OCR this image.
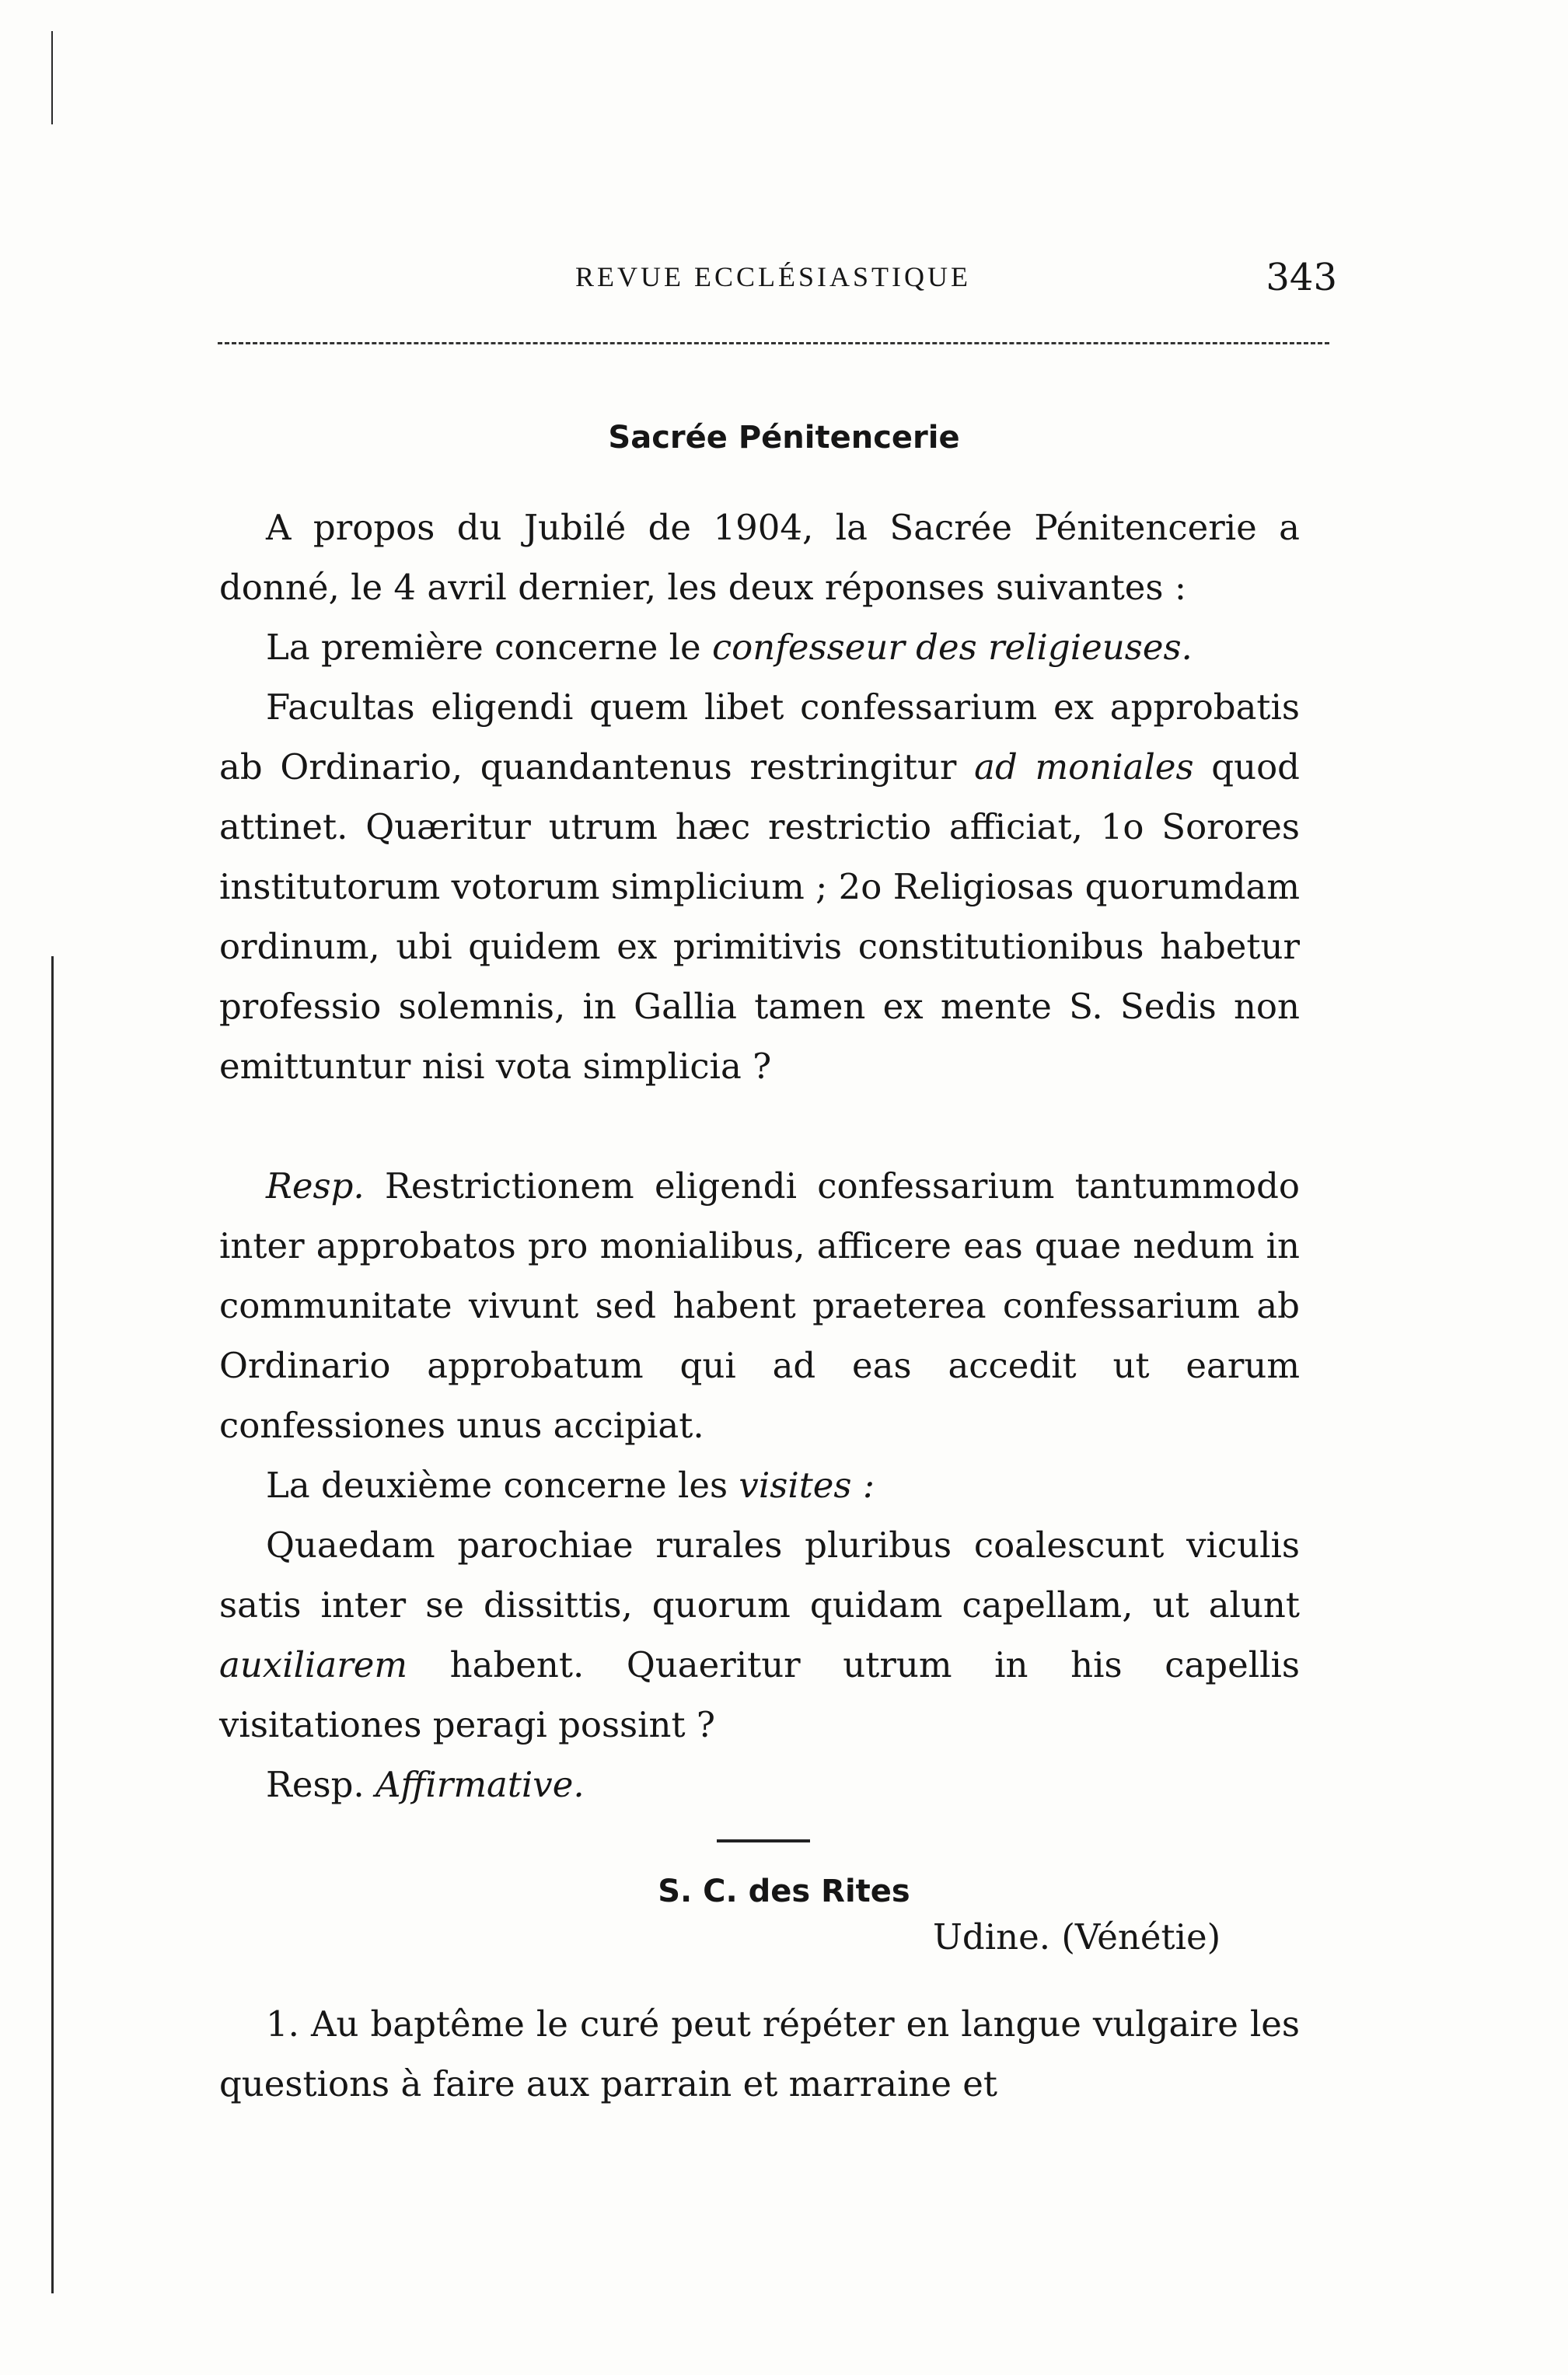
REVUE ECCLÉSIASTIQUE	343
Sacrée Pénitencerie

A propos du Jubilé de 1904, la Sacrée Pénitencerie a donné, le 4 avril dernier, les deux réponses suivantes :

La première concerne le confesseur des religieuses.

Facultas eligendi quem libet confessarium ex approbatis ab Ordinario, quandantenus restringitur ad moniales quod attinet. Quæritur utrum hæc restrictio afficiat, 1o Sorores institutorum votorum simplicium ; 2o Religiosas quorumdam ordinum, ubi quidem ex primitivis constitutionibus habetur professio solemnis, in Gallia tamen ex mente S. Sedis non emittuntur nisi vota simplicia ?

Resp. Restrictionem eligendi confessarium tantummodo inter approbatos pro monialibus, afficere eas quae nedum in communitate vivunt sed habent praeterea confessarium ab Ordinario approbatum qui ad eas accedit ut earum confessiones unus accipiat.

La deuxième concerne les visites :

Quaedam parochiae rurales pluribus coalescunt viculis satis inter se dissittis, quorum quidam capellam, ut alunt auxiliarem habent. Quaeritur utrum in his capellis visitationes peragi possint ?

Resp. Affirmative.

S. C. des Rites
Udine. (Vénétie)

1. Au baptême le curé peut répéter en langue vulgaire les questions à faire aux parrain et marraine et
